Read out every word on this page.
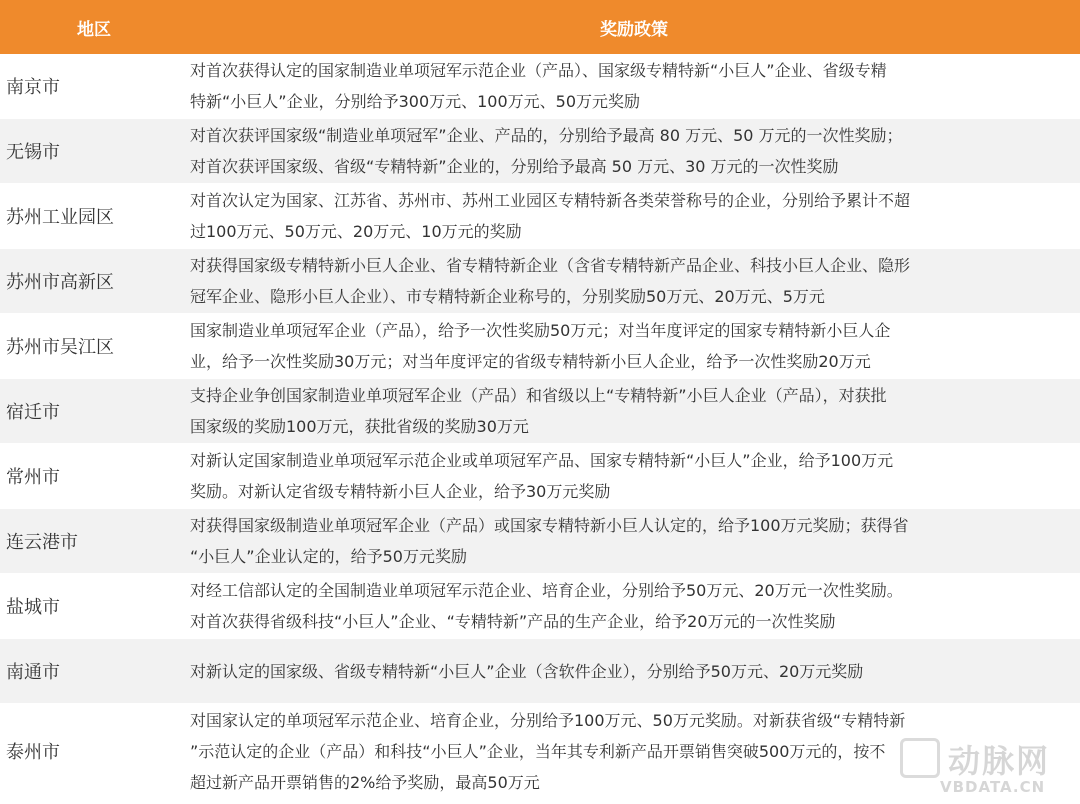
地区	奖励政策
南京市
对首次获得认定的国家制造业单项冠军示范企业（产品）、国家级专精特新“小巨人”企业、省级专精
特新“小巨人”企业，分别给予300万元、100万元、50万元奖励
无锡市
对首次获评国家级“制造业单项冠军”企业、产品的，分别给予最高 80 万元、50 万元的一次性奖励；
对首次获评国家级、省级“专精特新”企业的，分别给予最高 50 万元、30 万元的一次性奖励
苏州工业园区
对首次认定为国家、江苏省、苏州市、苏州工业园区专精特新各类荣誉称号的企业，分别给予累计不超
过100万元、50万元、20万元、10万元的奖励
苏州市高新区
对获得国家级专精特新小巨人企业、省专精特新企业（含省专精特新产品企业、科技小巨人企业、隐形
冠军企业、隐形小巨人企业）、市专精特新企业称号的，分别奖励50万元、20万元、5万元
苏州市吴江区
国家制造业单项冠军企业（产品），给予一次性奖励50万元；对当年度评定的国家专精特新小巨人企
业，给予一次性奖励30万元；对当年度评定的省级专精特新小巨人企业，给予一次性奖励20万元
宿迁市
支持企业争创国家制造业单项冠军企业（产品）和省级以上“专精特新”小巨人企业（产品），对获批
国家级的奖励100万元，获批省级的奖励30万元
常州市
对新认定国家制造业单项冠军示范企业或单项冠军产品、国家专精特新“小巨人”企业，给予100万元
奖励。对新认定省级专精特新小巨人企业，给予30万元奖励
连云港市
对获得国家级制造业单项冠军企业（产品）或国家专精特新小巨人认定的，给予100万元奖励；获得省
“小巨人”企业认定的，给予50万元奖励
盐城市
对经工信部认定的全国制造业单项冠军示范企业、培育企业，分别给予50万元、20万元一次性奖励。
对首次获得省级科技“小巨人”企业、“专精特新”产品的生产企业，给予20万元的一次性奖励
南通市	对新认定的国家级、省级专精特新“小巨人”企业（含软件企业），分别给予50万元、20万元奖励
泰州市
对国家认定的单项冠军示范企业、培育企业，分别给予100万元、50万元奖励。对新获省级“专精特新
”示范认定的企业（产品）和科技“小巨人”企业，当年其专利新产品开票销售突破500万元的，按不
超过新产品开票销售的2%给予奖励，最高50万元
动脉网
VBDATA.CN
